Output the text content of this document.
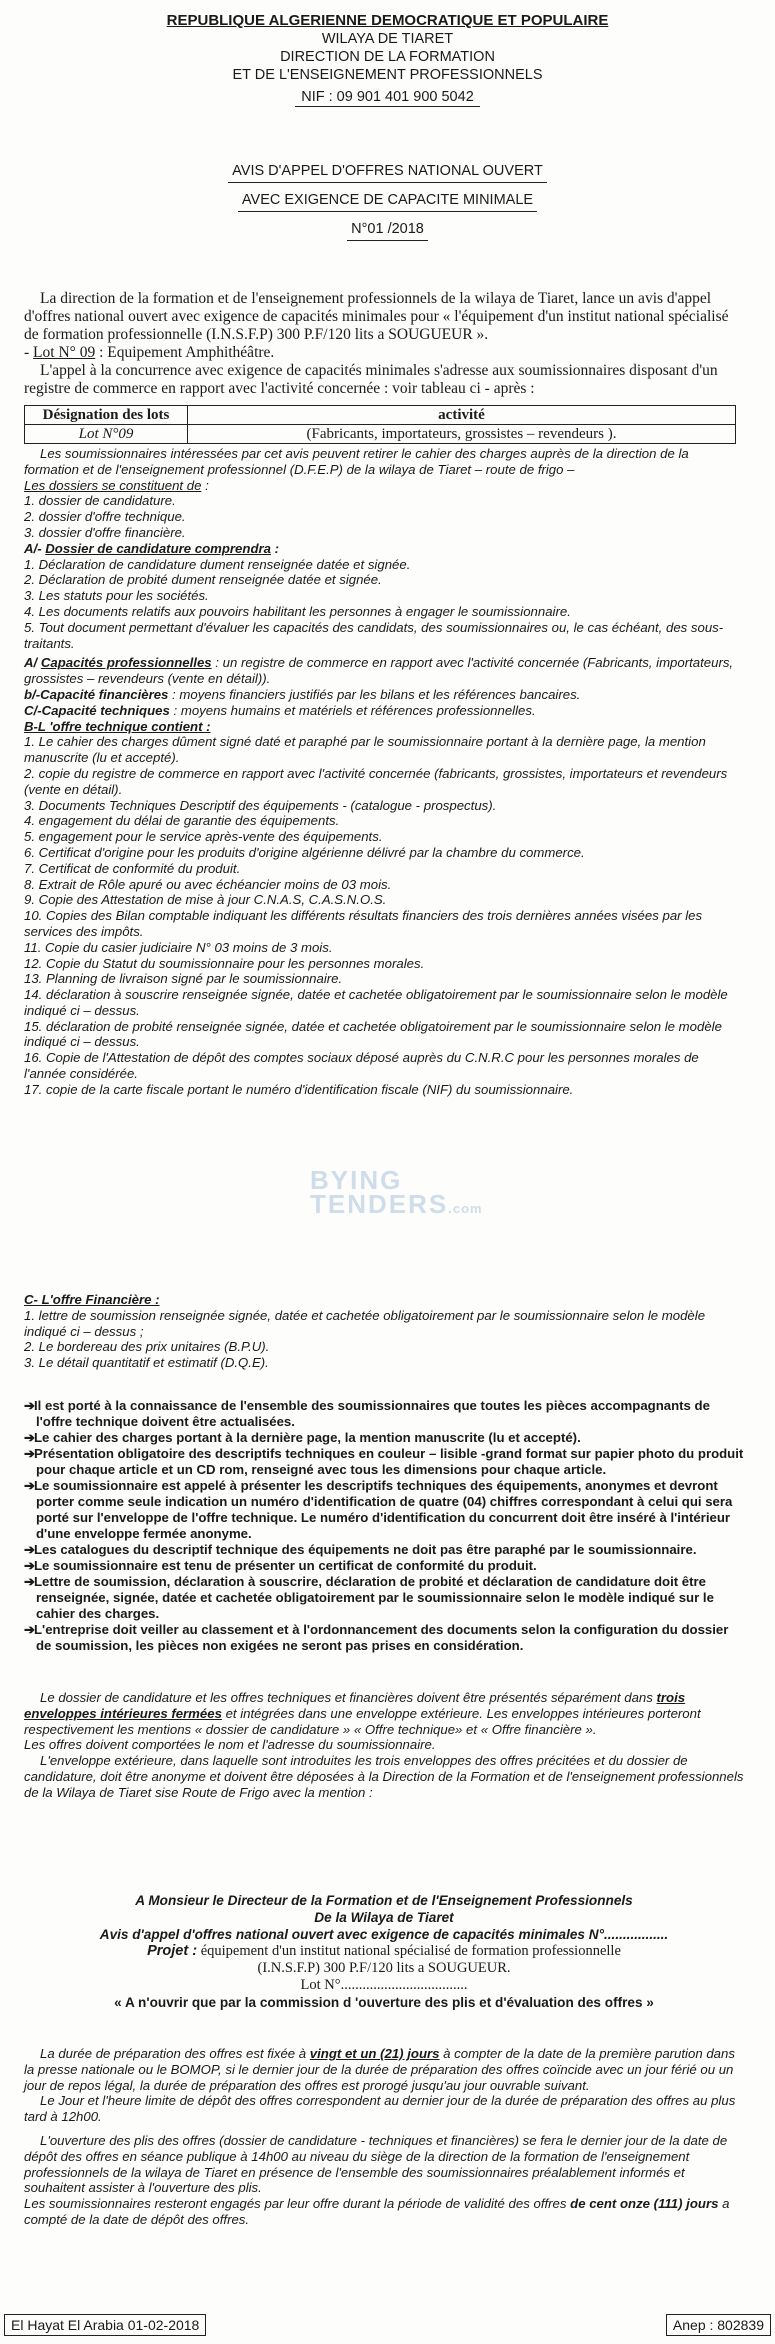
REPUBLIQUE ALGERIENNE DEMOCRATIQUE ET POPULAIRE
WILAYA DE TIARET
DIRECTION DE LA FORMATION
ET DE L'ENSEIGNEMENT PROFESSIONNELS
NIF : 09 901 401 900 5042
AVIS D'APPEL D'OFFRES NATIONAL OUVERT
AVEC EXIGENCE DE CAPACITE MINIMALE
N°01 /2018

La direction de la formation et de l'enseignement professionnels de la wilaya de Tiaret, lance un avis d'appel d'offres national ouvert avec exigence de capacités minimales pour « l'équipement d'un institut national spécialisé de formation professionnelle (I.N.S.F.P) 300 P.F/120 lits a SOUGUEUR ».

- Lot N° 09 : Equipement Amphithéâtre.

L'appel à la concurrence avec exigence de capacités minimales s'adresse aux soumissionnaires disposant d'un registre de commerce en rapport avec l'activité concernée : voir tableau ci - après :

Désignation des lots	activité
Lot N°09	(Fabricants, importateurs, grossistes – revendeurs ).

Les soumissionnaires intéressées par cet avis peuvent retirer le cahier des charges auprès de la direction de la formation et de l'enseignement professionnel (D.F.E.P) de la wilaya de Tiaret – route de frigo –

Les dossiers se constituent de :

1. dossier de candidature.

2. dossier d'offre technique.

3. dossier d'offre financière.

A/- Dossier de candidature comprendra :

1. Déclaration de candidature dument renseignée datée et signée.

2. Déclaration de probité dument renseignée datée et signée.

3. Les statuts pour les sociétés.

4. Les documents relatifs aux pouvoirs habilitant les personnes à engager le soumissionnaire.

5. Tout document permettant d'évaluer les capacités des candidats, des soumissionnaires ou, le cas échéant, des sous-traitants.

A/ Capacités professionnelles : un registre de commerce en rapport avec l'activité concernée (Fabricants, importateurs, grossistes – revendeurs (vente en détail)).

b/-Capacité financières : moyens financiers justifiés par les bilans et les références bancaires.

C/-Capacité techniques : moyens humains et matériels et références professionnelles.

B-L 'offre technique contient :

1. Le cahier des charges dûment signé daté et paraphé par le soumissionnaire portant à la dernière page, la mention manuscrite (lu et accepté).

2. copie du registre de commerce en rapport avec l'activité concernée (fabricants, grossistes, importateurs et revendeurs (vente en détail).

3. Documents Techniques Descriptif des équipements - (catalogue - prospectus).

4. engagement du délai de garantie des équipements.

5. engagement pour le service après-vente des équipements.

6. Certificat d'origine pour les produits d'origine algérienne délivré par la chambre du commerce.

7. Certificat de conformité du produit.

8. Extrait de Rôle apuré ou avec échéancier moins de 03 mois.

9. Copie des Attestation de mise à jour C.N.A.S, C.A.S.N.O.S.

10. Copies des Bilan comptable indiquant les différents résultats financiers des trois dernières années visées par les services des impôts.

11. Copie du casier judiciaire N° 03 moins de 3 mois.

12. Copie du Statut du soumissionnaire pour les personnes morales.

13. Planning de livraison signé par le soumissionnaire.

14. déclaration à souscrire renseignée signée, datée et cachetée obligatoirement par le soumissionnaire selon le modèle indiqué ci – dessus.

15. déclaration de probité renseignée signée, datée et cachetée obligatoirement par le soumissionnaire selon le modèle indiqué ci – dessus.

16. Copie de l'Attestation de dépôt des comptes sociaux déposé auprès du C.N.R.C pour les personnes morales de l'année considérée.

17. copie de la carte fiscale portant le numéro d'identification fiscale (NIF) du soumissionnaire.

BYING
TENDERS.com

C- L'offre Financière :

1. lettre de soumission renseignée signée, datée et cachetée obligatoirement par le soumissionnaire selon le modèle indiqué ci – dessus ;

2. Le bordereau des prix unitaires (B.P.U).

3. Le détail quantitatif et estimatif (D.Q.E).

➔Il est porté à la connaissance de l'ensemble des soumissionnaires que toutes les pièces accompagnants de l'offre technique doivent être actualisées.

➔Le cahier des charges portant à la dernière page, la mention manuscrite (lu et accepté).

➔Présentation obligatoire des descriptifs techniques en couleur – lisible -grand format sur papier photo du produit pour chaque article et un CD rom, renseigné avec tous les dimensions pour chaque article.

➔Le soumissionnaire est appelé à présenter les descriptifs techniques des équipements, anonymes et devront porter comme seule indication un numéro d'identification de quatre (04) chiffres correspondant à celui qui sera porté sur l'enveloppe de l'offre technique. Le numéro d'identification du concurrent doit être inséré à l'intérieur d'une enveloppe fermée anonyme.

➔Les catalogues du descriptif technique des équipements ne doit pas être paraphé par le soumissionnaire.

➔Le soumissionnaire est tenu de présenter un certificat de conformité du produit.

➔Lettre de soumission, déclaration à souscrire, déclaration de probité et déclaration de candidature doit être renseignée, signée, datée et cachetée obligatoirement par le soumissionnaire selon le modèle indiqué sur le cahier des charges.

➔L'entreprise doit veiller au classement et à l'ordonnancement des documents selon la configuration du dossier de soumission, les pièces non exigées ne seront pas prises en considération.

Le dossier de candidature et les offres techniques et financières doivent être présentés séparément dans trois enveloppes intérieures fermées et intégrées dans une enveloppe extérieure. Les enveloppes intérieures porteront respectivement les mentions « dossier de candidature » « Offre technique» et « Offre financière ».

Les offres doivent comportées le nom et l'adresse du soumissionnaire.

L'enveloppe extérieure, dans laquelle sont introduites les trois enveloppes des offres précitées et du dossier de candidature, doit être anonyme et doivent être déposées à la Direction de la Formation et de l'enseignement professionnels de la Wilaya de Tiaret sise Route de Frigo avec la mention :

A Monsieur le Directeur de la Formation et de l'Enseignement Professionnels

De la Wilaya de Tiaret

Avis d'appel d'offres national ouvert avec exigence de capacités minimales N°.................

Projet : équipement d'un institut national spécialisé de formation professionnelle

(I.N.S.F.P) 300 P.F/120 lits a SOUGUEUR.

Lot N°...................................

« A n'ouvrir que par la commission d 'ouverture des plis et d'évaluation des offres »

La durée de préparation des offres est fixée à vingt et un (21) jours à compter de la date de la première parution dans la presse nationale ou le BOMOP, si le dernier jour de la durée de préparation des offres coïncide avec un jour férié ou un jour de repos légal, la durée de préparation des offres est prorogé jusqu'au jour ouvrable suivant.

Le Jour et l'heure limite de dépôt des offres correspondent au dernier jour de la durée de préparation des offres au plus tard à 12h00.

L'ouverture des plis des offres (dossier de candidature - techniques et financières) se fera le dernier jour de la date de dépôt des offres en séance publique à 14h00 au niveau du siège de la direction de la formation de l'enseignement professionnels de la wilaya de Tiaret en présence de l'ensemble des soumissionnaires préalablement informés et souhaitent assister à l'ouverture des plis.

Les soumissionnaires resteront engagés par leur offre durant la période de validité des offres de cent onze (111) jours a compté de la date de dépôt des offres.

El Hayat El Arabia 01-02-2018	Anep : 802839
